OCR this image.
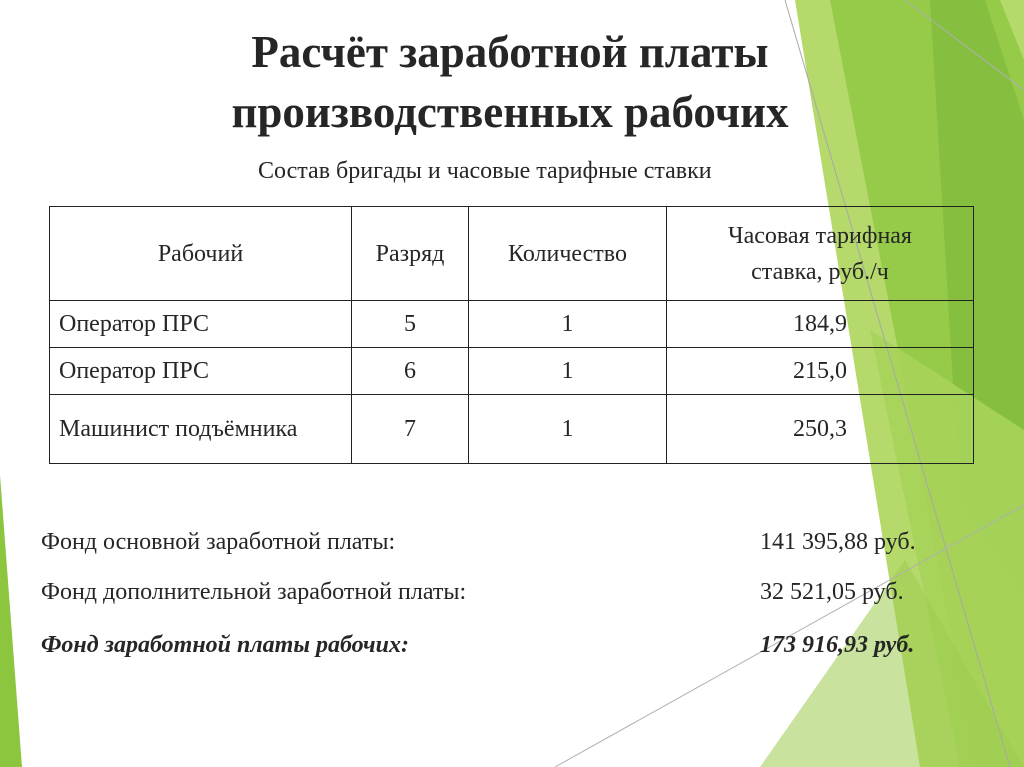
Расчёт заработной платы
производственных рабочих

Состав бригады и часовые тарифные ставки

Рабочий	Разряд	Количество	Часовая тарифная
ставка, руб./ч
Оператор ПРС	5	1	184,9
Оператор ПРС	6	1	215,0
Машинист подъёмника	7	1	250,3
Фонд основной заработной платы:	141 395,88 руб.
Фонд дополнительной заработной платы:	32 521,05 руб.
Фонд заработной платы рабочих:	173 916,93 руб.
